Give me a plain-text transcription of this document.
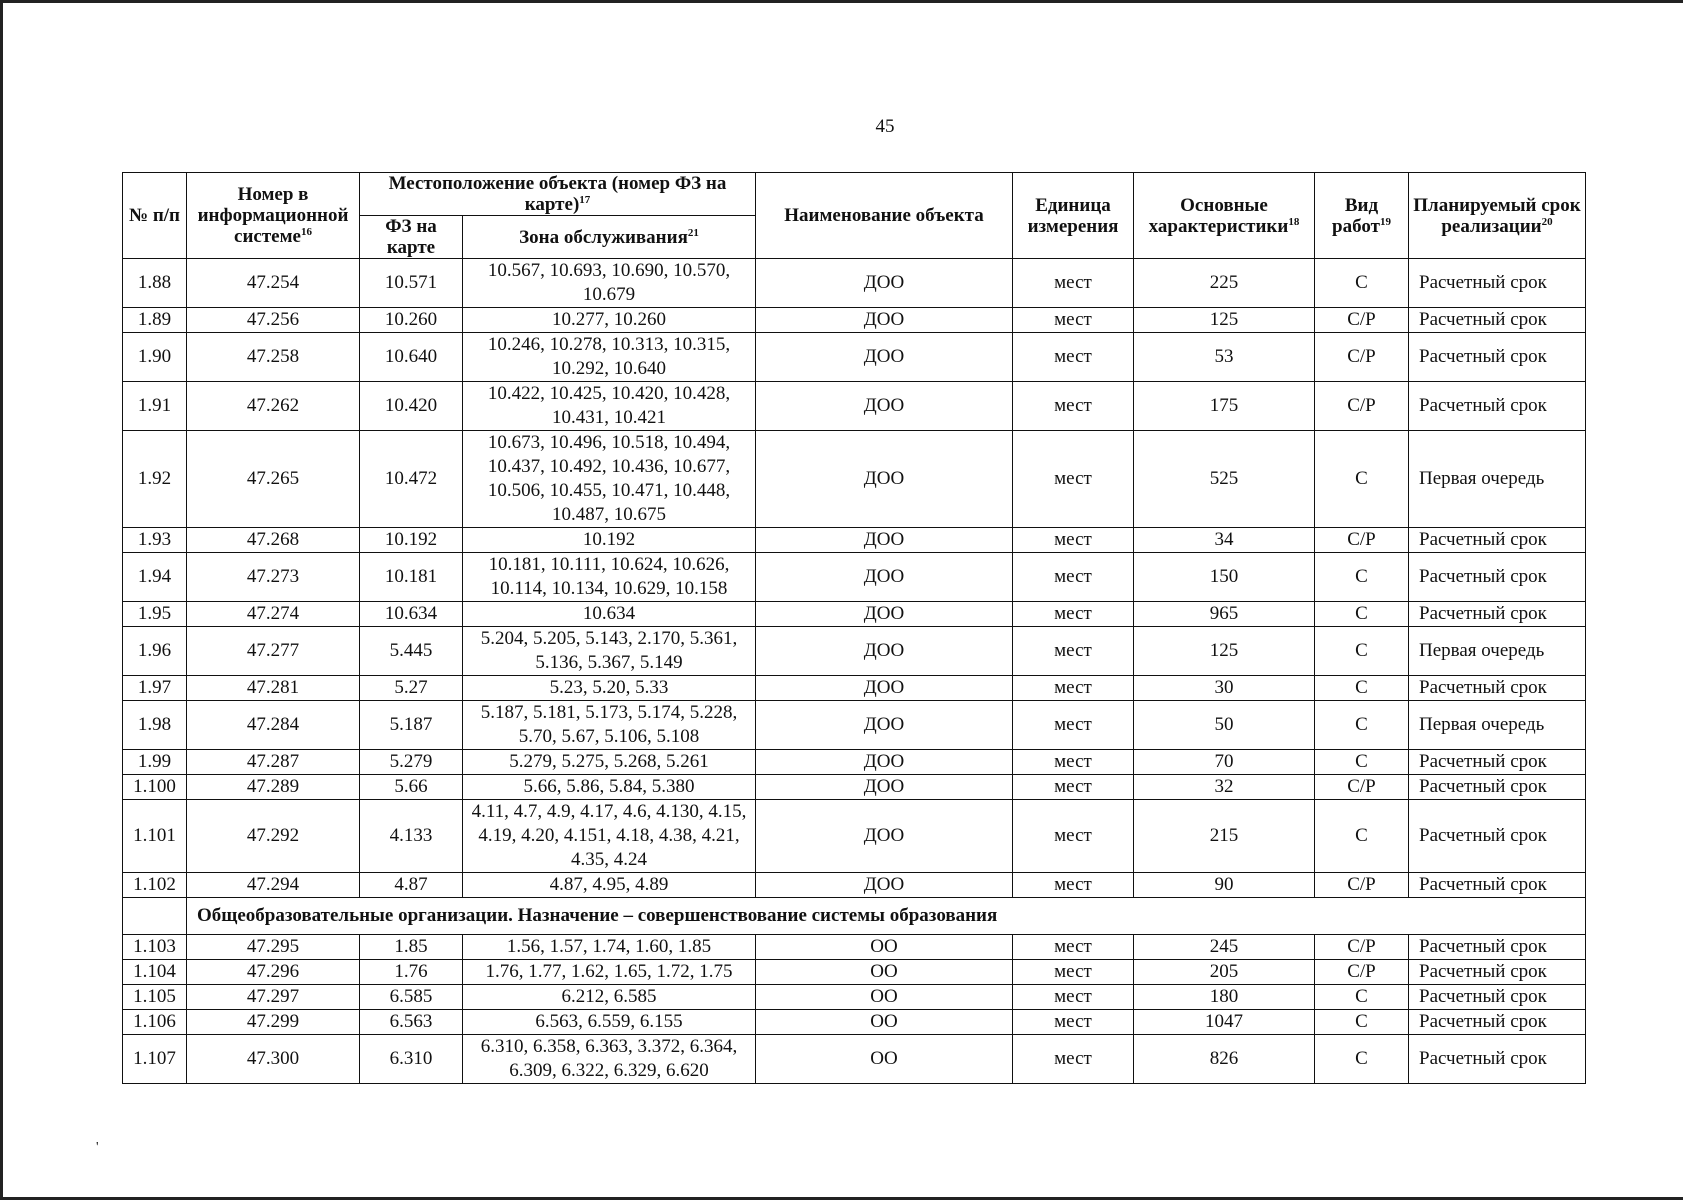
45
№ п/п	Номер в информационной системе$^{16}$	Местоположение объекта (номер ФЗ на карте)$^{17}$		Наименование объекта	Единица измерения	Основные характеристики$^{18}$	Вид работ$^{19}$	Планируемый срок реализации$^{20}$
		ФЗ на карте	Зона обслуживания$^{21}$
1.88	47.254	10.571	10.567, 10.693, 10.690, 10.570, 10.679	ДОО	мест	225	С	Расчетный срок
1.89	47.256	10.260	10.277, 10.260	ДОО	мест	125	С/Р	Расчетный срок
1.90	47.258	10.640	10.246, 10.278, 10.313, 10.315, 10.292, 10.640	ДОО	мест	53	С/Р	Расчетный срок
1.91	47.262	10.420	10.422, 10.425, 10.420, 10.428, 10.431, 10.421	ДОО	мест	175	С/Р	Расчетный срок
1.92	47.265	10.472	10.673, 10.496, 10.518, 10.494, 10.437, 10.492, 10.436, 10.677, 10.506, 10.455, 10.471, 10.448, 10.487, 10.675	ДОО	мест	525	С	Первая очередь
1.93	47.268	10.192	10.192	ДОО	мест	34	С/Р	Расчетный срок
1.94	47.273	10.181	10.181, 10.111, 10.624, 10.626, 10.114, 10.134, 10.629, 10.158	ДОО	мест	150	С	Расчетный срок
1.95	47.274	10.634	10.634	ДОО	мест	965	С	Расчетный срок
1.96	47.277	5.445	5.204, 5.205, 5.143, 2.170, 5.361, 5.136, 5.367, 5.149	ДОО	мест	125	С	Первая очередь
1.97	47.281	5.27	5.23, 5.20, 5.33	ДОО	мест	30	С	Расчетный срок
1.98	47.284	5.187	5.187, 5.181, 5.173, 5.174, 5.228, 5.70, 5.67, 5.106, 5.108	ДОО	мест	50	С	Первая очередь
1.99	47.287	5.279	5.279, 5.275, 5.268, 5.261	ДОО	мест	70	С	Расчетный срок
1.100	47.289	5.66	5.66, 5.86, 5.84, 5.380	ДОО	мест	32	С/Р	Расчетный срок
1.101	47.292	4.133	4.11, 4.7, 4.9, 4.17, 4.6, 4.130, 4.15, 4.19, 4.20, 4.151, 4.18, 4.38, 4.21, 4.35, 4.24	ДОО	мест	215	С	Расчетный срок
1.102	47.294	4.87	4.87, 4.95, 4.89	ДОО	мест	90	С/Р	Расчетный срок
	Общеобразовательные организации. Назначение – совершенствование системы образования							
1.103	47.295	1.85	1.56, 1.57, 1.74, 1.60, 1.85	ОО	мест	245	С/Р	Расчетный срок
1.104	47.296	1.76	1.76, 1.77, 1.62, 1.65, 1.72, 1.75	ОО	мест	205	С/Р	Расчетный срок
1.105	47.297	6.585	6.212, 6.585	ОО	мест	180	С	Расчетный срок
1.106	47.299	6.563	6.563, 6.559, 6.155	ОО	мест	1047	С	Расчетный срок
1.107	47.300	6.310	6.310, 6.358, 6.363, 3.372, 6.364, 6.309, 6.322, 6.329, 6.620	ОО	мест	826	С	Расчетный срок
'
